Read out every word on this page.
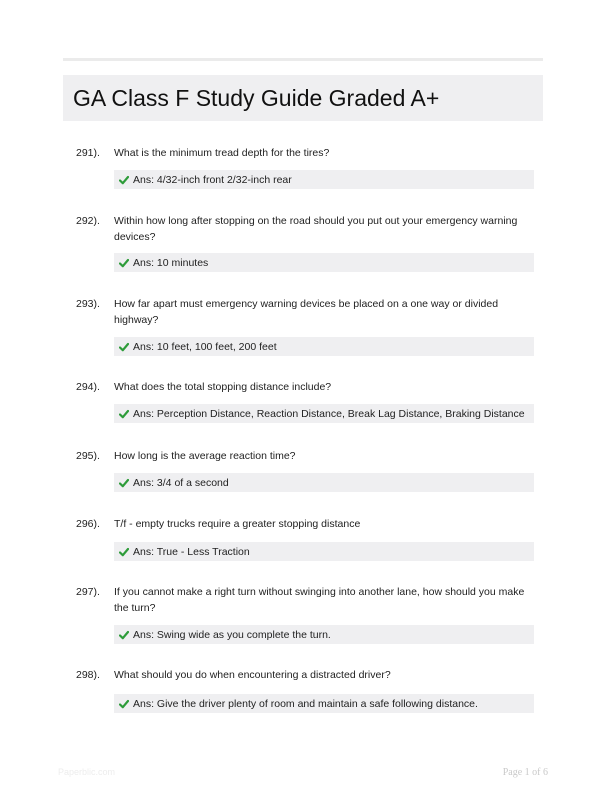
GA Class F Study Guide Graded A+
291). What is the minimum tread depth for the tires?
Ans: 4/32-inch front 2/32-inch rear
292). Within how long after stopping on the road should you put out your emergency warning devices?
Ans: 10 minutes
293). How far apart must emergency warning devices be placed on a one way or divided highway?
Ans: 10 feet, 100 feet, 200 feet
294). What does the total stopping distance include?
Ans: Perception Distance, Reaction Distance, Break Lag Distance, Braking Distance
295). How long is the average reaction time?
Ans: 3/4 of a second
296). T/f - empty trucks require a greater stopping distance
Ans: True - Less Traction
297). If you cannot make a right turn without swinging into another lane, how should you make the turn?
Ans: Swing wide as you complete the turn.
298). What should you do when encountering a distracted driver?
Ans: Give the driver plenty of room and maintain a safe following distance.
Paperblic.com	Page 1 of 6
